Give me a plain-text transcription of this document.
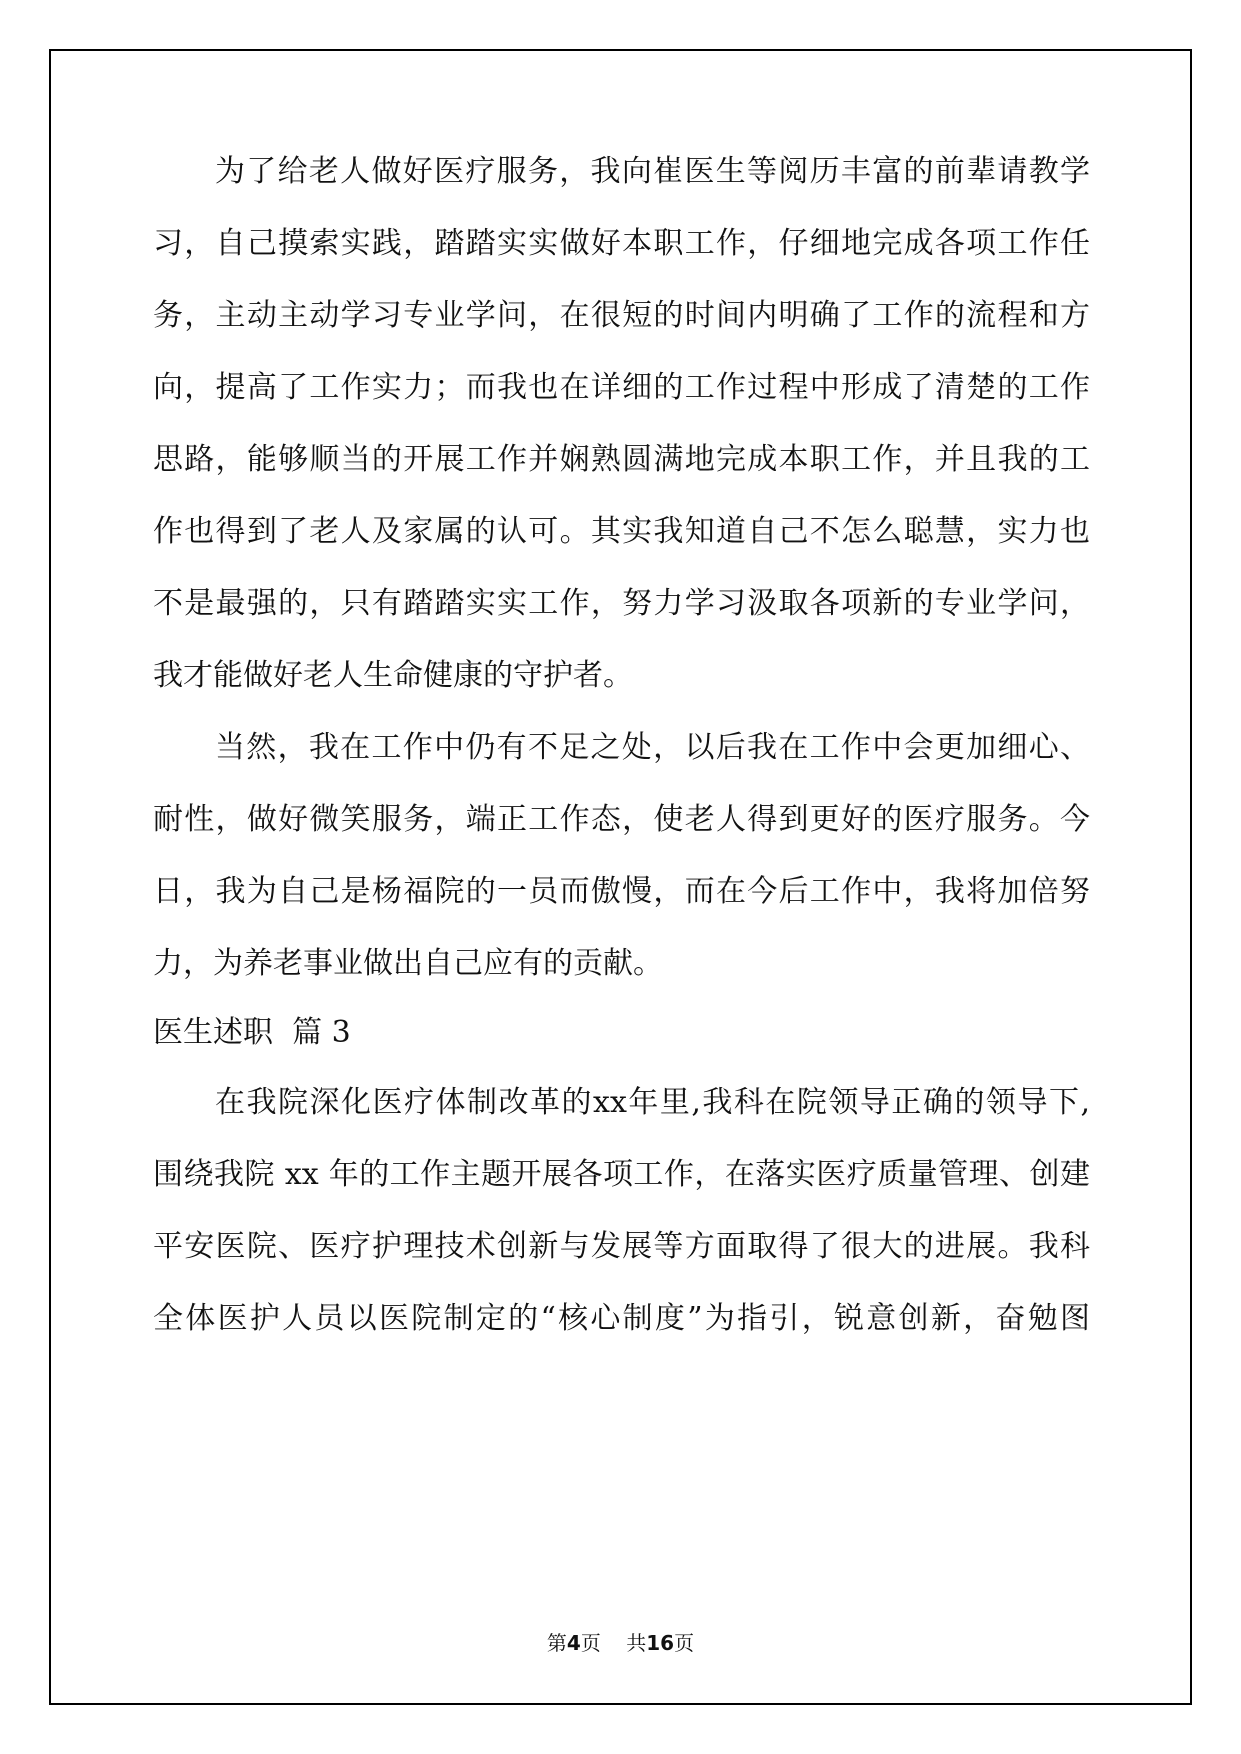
为了给老人做好医疗服务，我向崔医生等阅历丰富的前辈请教学
习，自己摸索实践，踏踏实实做好本职工作，仔细地完成各项工作任
务，主动主动学习专业学问，在很短的时间内明确了工作的流程和方
向，提高了工作实力；而我也在详细的工作过程中形成了清楚的工作
思路，能够顺当的开展工作并娴熟圆满地完成本职工作，并且我的工
作也得到了老人及家属的认可。其实我知道自己不怎么聪慧，实力也
不是最强的，只有踏踏实实工作，努力学习汲取各项新的专业学问，
我才能做好老人生命健康的守护者。
当然，我在工作中仍有不足之处，以后我在工作中会更加细心、
耐性，做好微笑服务，端正工作态，使老人得到更好的医疗服务。今
日，我为自己是杨福院的一员而傲慢，而在今后工作中，我将加倍努
力，为养老事业做出自己应有的贡献。
医生述职  篇 3
在我院深化医疗体制改革的xx年里,我科在院领导正确的领导下,
围绕我院 xx 年的工作主题开展各项工作，在落实医疗质量管理、创建
平安医院、医疗护理技术创新与发展等方面取得了很大的进展。我科
全体医护人员以医院制定的“核心制度”为指引，锐意创新，奋勉图
第4页    共16页
